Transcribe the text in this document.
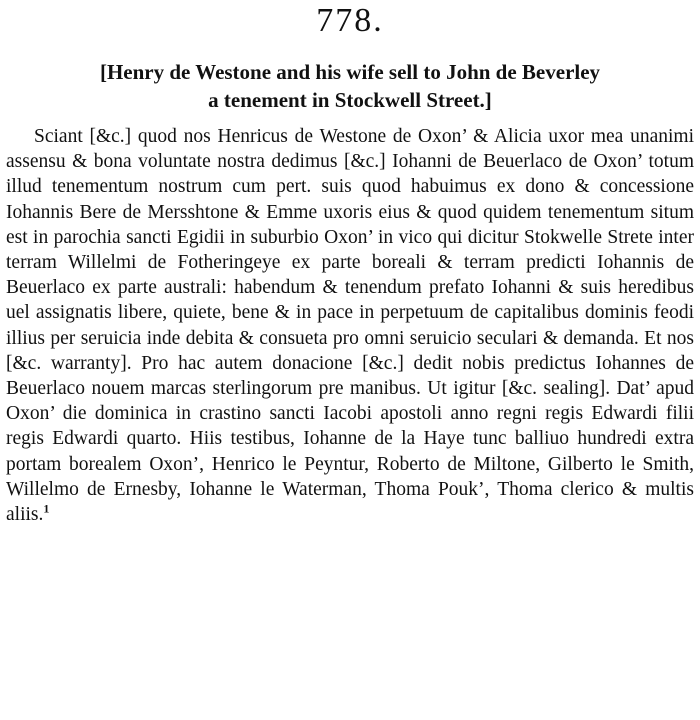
778.
[Henry de Westone and his wife sell to John de Beverley
a tenement in Stockwell Street.]

Sciant [&c.] quod nos Henricus de Westone de Oxon’ & Alicia uxor mea unanimi assensu & bona voluntate nostra dedimus [&c.] Iohanni de Beuerlaco de Oxon’ totum illud tenementum nostrum cum pert. suis quod habuimus ex dono & concessione Iohannis Bere de Mersshtone & Emme uxoris eius & quod quidem tenementum situm est in parochia sancti Egidii in suburbio Oxon’ in vico qui dicitur Stokwelle Strete inter terram Willelmi de Fotheringeye ex parte boreali & terram predicti Iohannis de Beuerlaco ex parte australi: habendum & tenendum prefato Iohanni & suis heredibus uel assignatis libere, quiete, bene & in pace in perpetuum de capitalibus dominis feodi illius per seruicia inde debita & consueta pro omni seruicio seculari & demanda. Et nos [&c. warranty]. Pro hac autem donacione [&c.] dedit nobis predictus Iohannes de Beuerlaco nouem marcas sterlingorum pre manibus. Ut igitur [&c. sealing]. Dat’ apud Oxon’ die dominica in crastino sancti Iacobi apostoli anno regni regis Edwardi filii regis Edwardi quarto. Hiis testibus, Iohanne de la Haye tunc balliuo hundredi extra portam borealem Oxon’, Henrico le Peyntur, Roberto de Miltone, Gilberto le Smith, Willelmo de Ernesby, Iohanne le Waterman, Thoma Pouk’, Thoma clerico & multis aliis.$^1$
